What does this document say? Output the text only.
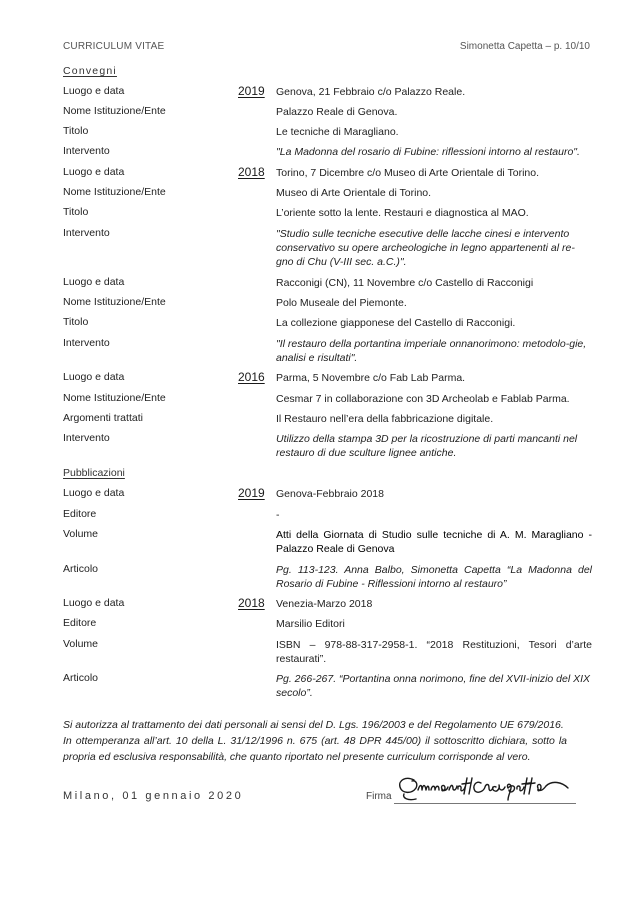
CURRICULUM VITAE	Simonetta Capetta – p. 10/10
Convegni
Luogo e data	2019	Genova, 21 Febbraio c/o Palazzo Reale.
Nome Istituzione/Ente	Palazzo Reale di Genova.
Titolo	Le tecniche di Maragliano.
Intervento	"La Madonna del rosario di Fubine: riflessioni intorno al restauro".
Luogo e data	2018	Torino, 7 Dicembre c/o Museo di Arte Orientale di Torino.
Nome Istituzione/Ente	Museo di Arte Orientale di Torino.
Titolo	L’oriente sotto la lente. Restauri e diagnostica al MAO.
Intervento	"Studio sulle tecniche esecutive delle lacche cinesi e intervento conservativo su opere archeologiche in legno appartenenti al re-gno di Chu (V-III sec. a.C.)".
Luogo e data	Racconigi (CN), 11 Novembre c/o Castello di Racconigi
Nome Istituzione/Ente	Polo Museale del Piemonte.
Titolo	La collezione giapponese del Castello di Racconigi.
Intervento	"Il restauro della portantina imperiale onnanorimono: metodolo-gie, analisi e risultati".
Luogo e data	2016	Parma, 5 Novembre c/o Fab Lab Parma.
Nome Istituzione/Ente	Cesmar 7 in collaborazione con 3D Archeolab e Fablab Parma.
Argomenti trattati	Il Restauro nell’era della fabbricazione digitale.
Intervento	Utilizzo della stampa 3D per la ricostruzione di parti mancanti nel restauro di due sculture lignee antiche.
Pubblicazioni
Luogo e data	2019	Genova-Febbraio 2018
Editore	-
Volume	Atti della Giornata di Studio sulle tecniche di A. M. Maragliano - Palazzo Reale di Genova
Articolo	Pg. 113-123. Anna Balbo, Simonetta Capetta “La Madonna del Rosario di Fubine - Riflessioni intorno al restauro”
Luogo e data	2018	Venezia-Marzo 2018
Editore	Marsilio Editori
Volume	ISBN – 978-88-317-2958-1. “2018 Restituzioni, Tesori d’arte restaurati”.
Articolo	Pg. 266-267. “Portantina onna norimono, fine del XVII-inizio del XIX secolo”.

Si autorizza al trattamento dei dati personali ai sensi del D. Lgs. 196/2003 e del Regolamento UE 679/2016.

In ottemperanza all’art. 10 della L. 31/12/1996 n. 675 (art. 48 DPR 445/00) il sottoscritto dichiara, sotto la propria ed esclusiva responsabilità, che quanto riportato nel presente curriculum corrisponde al vero.

Milano, 01 gennaio 2020	Firma
